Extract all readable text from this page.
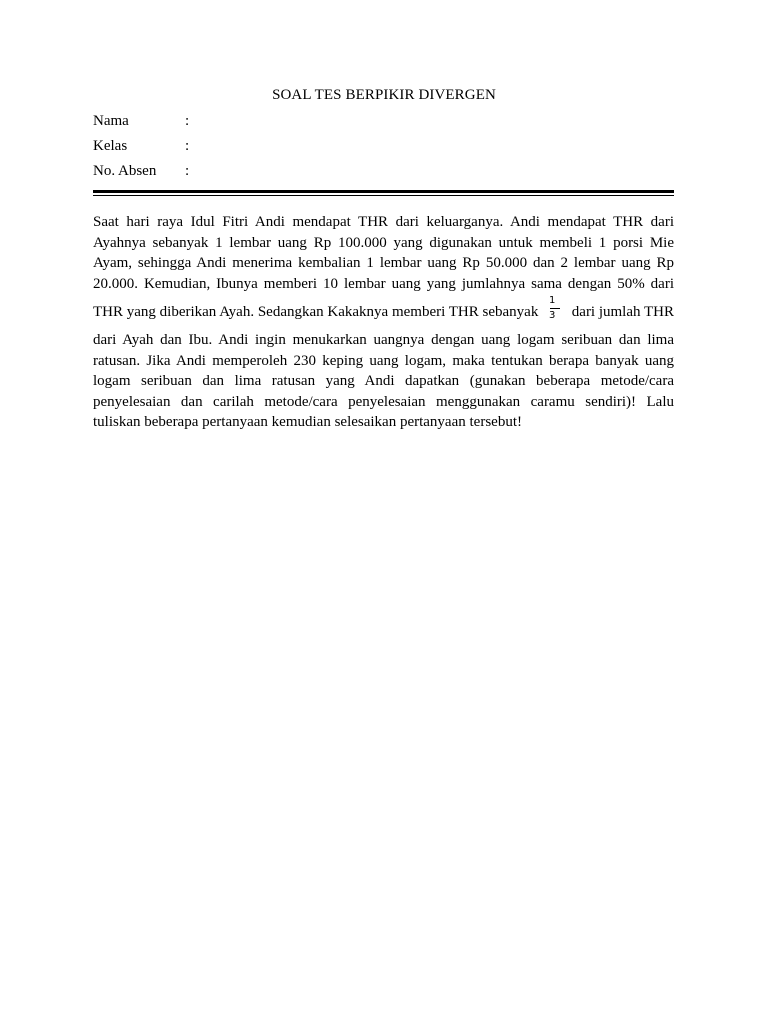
SOAL TES BERPIKIR DIVERGEN
Nama	:
Kelas	:
No. Absen :
Saat hari raya Idul Fitri Andi mendapat THR dari keluarganya. Andi mendapat THR dari
Ayahnya sebanyak 1 lembar uang Rp 100.000 yang digunakan untuk membeli 1 porsi Mie
Ayam, sehingga Andi menerima kembalian 1 lembar uang Rp 50.000 dan 2 lembar uang Rp
20.000. Kemudian, Ibunya memberi 10 lembar uang yang jumlahnya sama dengan 50% dari
THR yang diberikan Ayah. Sedangkan Kakaknya memberi THR sebanyak
1
3	dari jumlah THR
dari Ayah dan Ibu. Andi ingin menukarkan uangnya dengan uang logam seribuan dan lima
ratusan. Jika Andi memperoleh 230 keping uang logam, maka tentukan berapa banyak uang
logam seribuan dan lima ratusan yang Andi dapatkan (gunakan beberapa metode/cara
penyelesaian dan carilah metode/cara penyelesaian menggunakan caramu sendiri)! Lalu
tuliskan beberapa pertanyaan kemudian selesaikan pertanyaan tersebut!
